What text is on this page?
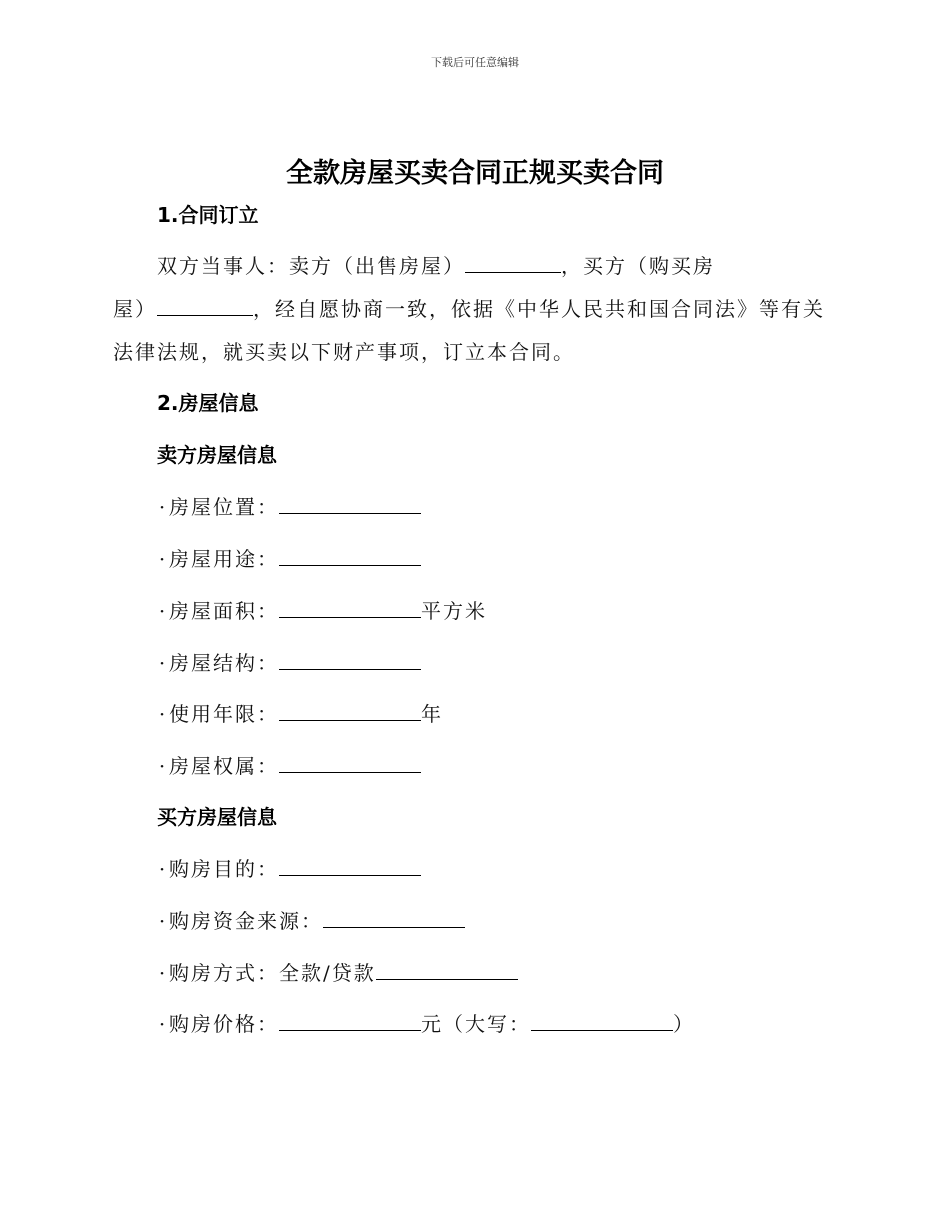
下载后可任意编辑
全款房屋买卖合同正规买卖合同
1.合同订立
双方当事人：卖方（出售房屋）	，买方（购买房
屋）	，经自愿协商一致，依据《中华人民共和国合同法》等有关
法律法规，就买卖以下财产事项，订立本合同。
2.房屋信息
卖方房屋信息
·房屋位置：
·房屋用途：
·房屋面积：	平方米
·房屋结构：
·使用年限：	年
·房屋权属：
买方房屋信息
·购房目的：
·购房资金来源：
·购房方式：全款/贷款
·购房价格：	元（大写：	）
